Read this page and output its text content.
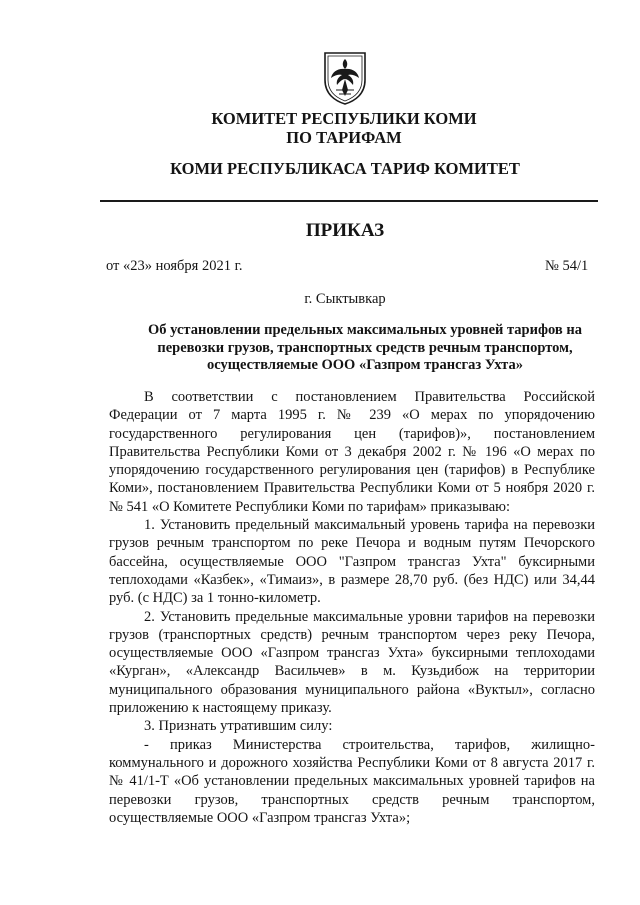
КОМИТЕТ РЕСПУБЛИКИ КОМИ
ПО ТАРИФАМ
КОМИ РЕСПУБЛИКАСА ТАРИФ КОМИТЕТ
ПРИКАЗ
от «23» ноября 2021 г.	№ 54/1
г. Сыктывкар
Об установлении предельных максимальных уровней тарифов на
перевозки грузов, транспортных средств речным транспортом,
осуществляемые ООО «Газпром трансгаз Ухта»
В соответствии с постановлением Правительства Российской
Федерации от 7 марта 1995 г. № 239 «О мерах по упорядочению
государственного регулирования цен (тарифов)», постановлением
Правительства Республики Коми от 3 декабря 2002 г. № 196 «О мерах по
упорядочению государственного регулирования цен (тарифов) в Республике
Коми», постановлением Правительства Республики Коми от 5 ноября 2020 г.
№ 541 «О Комитете Республики Коми по тарифам» приказываю:
1. Установить предельный максимальный уровень тарифа на перевозки
грузов речным транспортом по реке Печора и водным путям Печорского
бассейна, осуществляемые ООО "Газпром трансгаз Ухта" буксирными
теплоходами «Казбек», «Тимаиз», в размере 28,70 руб. (без НДС) или 34,44
руб. (с НДС) за 1 тонно-километр.
2. Установить предельные максимальные уровни тарифов на перевозки
грузов (транспортных средств) речным транспортом через реку Печора,
осуществляемые ООО «Газпром трансгаз Ухта» буксирными теплоходами
«Курган», «Александр Васильчев» в м. Кузьдибож на территории
муниципального образования муниципального района «Вуктыл», согласно
приложению к настоящему приказу.
3. Признать утратившим силу:
- приказ Министерства строительства, тарифов, жилищно-
коммунального и дорожного хозяйства Республики Коми от 8 августа 2017 г.
№ 41/1-Т «Об установлении предельных максимальных уровней тарифов на
перевозки грузов, транспортных средств речным транспортом,
осуществляемые ООО «Газпром трансгаз Ухта»;
